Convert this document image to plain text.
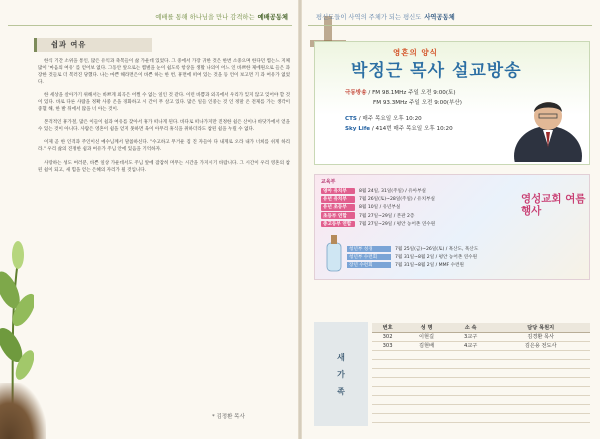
예배를 통해 하나님을 만나 감격하는 예배공동체
쉼과 여유

한식 기간 소위을 통인, 많은 유익과 축복들이 삶 가운데 있었다. 그 중에서 가장 귀한 것은 한번 소중으며 한다던 찜는느 지체 많이 '마음의 여유' 를 얻어보 없다. 그동안 앞으로는 찜벌을 눈이 쉽도록 항상을 생활 나의이 어느 인 바쁘한 제에원으로 들은 과장한 것들로 더 복러진 당했다. 나는 마쁜 해라면은이 바쁜 하는 한 번, 휴면에 떠여 있는 것을 등 언이 보고면 기 과 여유가 없었다.

한 세상을 살아가기 위해서는 바쁘게 외곡은 어쩔 수 없는 일인 것 같다. 이런 바쁨과 외곡에서 우리가 잊지 않고 잊어야 할 것이 있다. 바로 다른 사람을 정확 사중 온을 경화하고 시 간이 무 살고 있다. 많은 일들 인중는 것 인 정말 온 전제를 가는 생각이 중혈 해, 한 발 뒤에서 많을 너 아는 것이.

본격적인 휴가철, 많은 이들이 쉼과 여유를 찾아서 휴가 떠나게 된다. 바다로 떠나가지만 진정한 쉼은 산이나 바닷가에서 얻을 수 있는 것이 아니다. 사람은 영혼이 쉼을 얻지 못하면 육이 아무리 휴식을 취하더라도 참된 쉼을 누릴 수 없다.

이제 곧 한 인격과 주인이신 예수님께서 말씀하신다. "수고하고 무거운 짐 진 자들아 다 내게로 오라 내가 너희를 쉬게 하리라." 우리 삶의 진정한 쉼과 여유가 주님 안에 있음을 기억하자.

사랑하는 성도 여러분, 바쁜 일상 가운데서도 주님 앞에 잠잠히 머무는 시간을 가지시기 바랍니다. 그 시간이 우리 영혼의 참된 쉼이 되고, 새 힘을 얻는 은혜의 자리가 될 것입니다.

* 김정환 목사
평신도들이 사역의 주체가 되는 평신도 사역공동체
영혼의 양식
박정근 목사 설교방송
극동방송 / FM 98.1MHz 주일 오전 9:00(토)
FM 93.3MHz 주일 오전 9:00(부산)
CTS / 매주 목요일 오후 10:20
Sky Life / 414번 매주 목요일 오후 10:20
교육부
영아 유치부	8월 24일, 31일(주일) / 유아부실
유년 유치부	7월 26일(토)~28일(주일) / 유치부실
유년 초등부	8월 10일 / 유년부실
초등부 연합	7월 27일~29일 / 본관 2층
중고등부 연합	7월 27일~29일 / 평안 농어촌 연수원
영성교회 여름행사
청년부 성경	7월 25일(금)~26일(토) / 흑산도, 흑산도
청년부 수련회	7월 31일~8월 2일 / 평안 농어촌 연수원
장년 수련회	7월 31일~8월 2일 / MMF 수련원
새
가
족
번호	성 명	소 속	담당 목원지
302	이현길	3교구	김경환 목사
303	김현배	4교구	김은용 전도사
